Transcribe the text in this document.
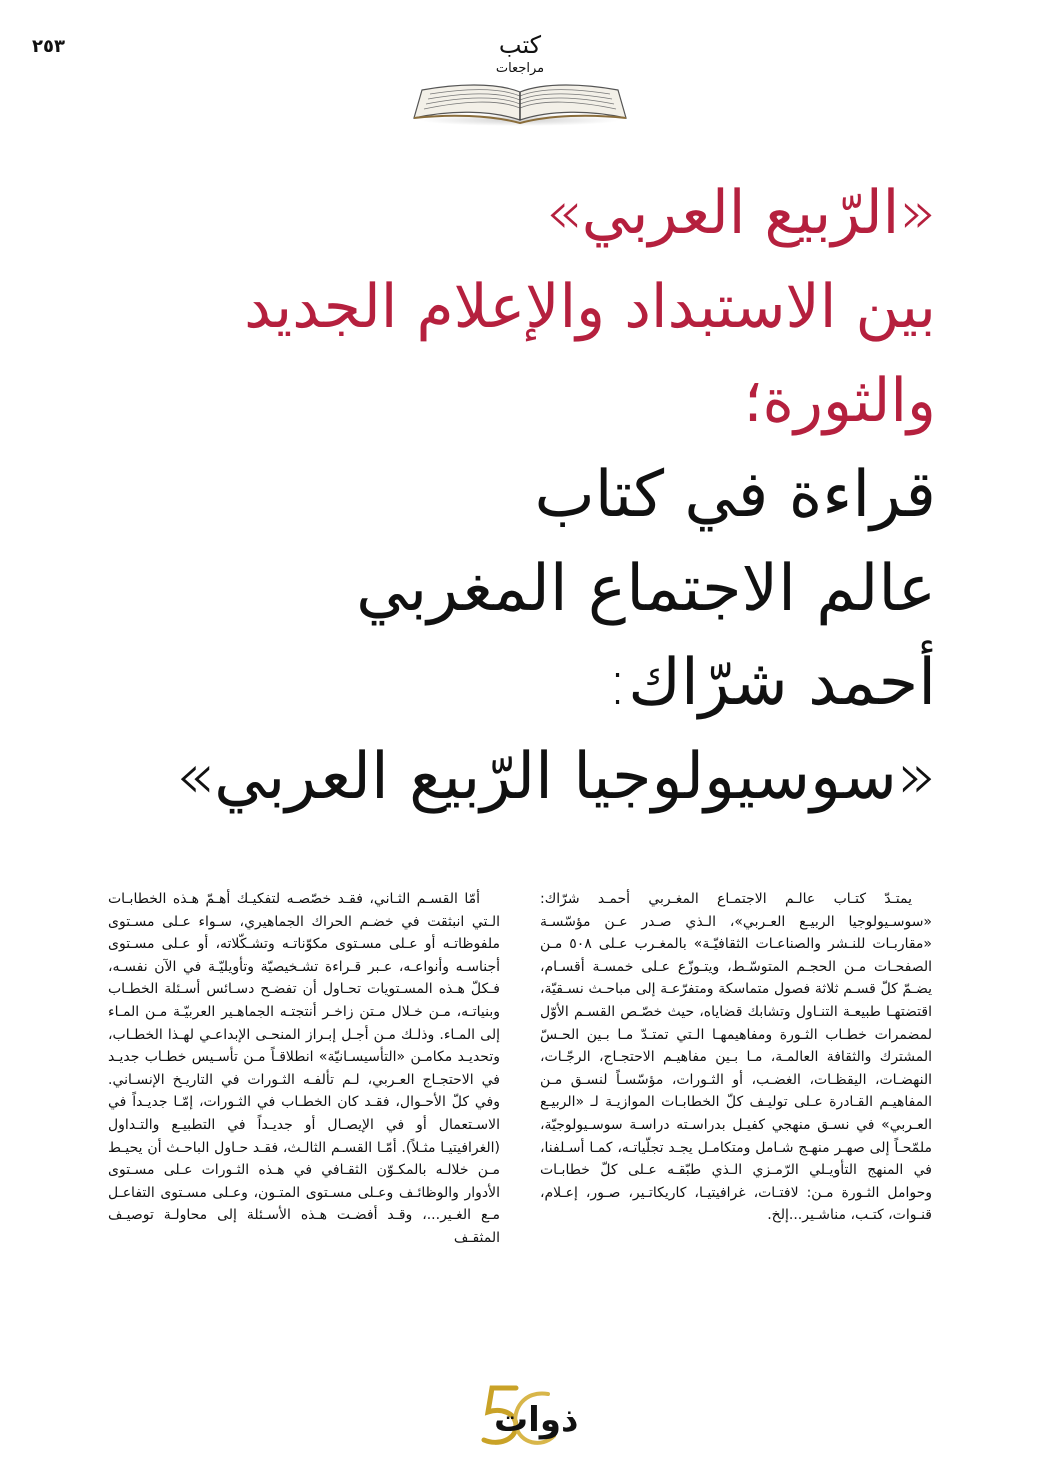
٢٥٣	كتب
مراجعات
«الرّبيع العربي»
بين الاستبداد والإعلام الجديد
والثورة؛
قراءة في كتاب
عالم الاجتماع المغربي
أحمد شرّاك:
«سوسيولوجيا الرّبيع العربي»

يمتـدّ كتـاب عالـم الاجتمـاع المغـربي أحمـد شرّاك: «سوسـيولوجيا الربيـع العـربي»، الـذي صـدر عـن مؤسّسـة «مقاربـات للنـشر والصناعـات الثقافيّـة» بالمغـرب عـلى ٥٠٨ مـن الصفحـات مـن الحجـم المتوسّـط، ويتـوزّع عـلى خمسـة أقسـام، يضـمّ كلّ قسـم ثلاثة فصول متماسكة ومتفرّعـة إلى مباحـث نسـقيّة، اقتضتهـا طبيعـة التنـاول وتشابك قضاياه، حيث خصّـص القسـم الأوّل لمضمرات خطـاب الثـورة ومفاهيمهـا الـتي تمتـدّ مـا بـين الحـسّ المشترك والثقافة العالمـة، مـا بـين مفاهيـم الاحتجـاج، الرجّـات، النهضـات، اليقظـات، الغضـب، أو الثـورات، مؤسّسـاً لنسـق مـن المفاهيـم القـادرة عـلى توليـف كلّ الخطابـات الموازيـة لـ «الربيـع العـربي» في نسـق منهجي كفيـل بدراسـته دراسـة سوسـيولوجيّة، ملمّحـاً إلى صهـر منهـج شـامل ومتكامـل يجـد تجلّياتـه، كمـا أسـلفنا، في المنهج التأويـلي الرّمـزي الـذي طبّقـه عـلى كلّ خطابـات وحوامل الثـورة مـن: لافتـات، غرافيتيـا، كاريكاتـير، صـور، إعـلام، قنـوات، كتـب، مناشـير...إلخ.

أمّا القسـم الثـاني، فقـد خصّصـه لتفكيـك أهـمّ هـذه الخطابـات الـتي انبثقت في خضـم الحراك الجماهيري، سـواء عـلى مسـتوى ملفوظاتـه أو عـلى مسـتوى مكوّناتـه وتشـكّلاته، أو عـلى مسـتوى أجناسـه وأنواعـه، عـبر قـراءة تشـخيصيّة وتأويليّـة في الآن نفسـه، فـكلّ هـذه المسـتويات تحـاول أن تفضـح دسـائس أسـئلة الخطـاب وبنياتـه، مـن خـلال مـتن زاخـر أنتجتـه الجماهـير العربيّـة مـن المـاء إلى المـاء. وذلـك مـن أجـل إبـراز المنحـى الإبداعـي لهـذا الخطـاب، وتحديـد مكامـن «التأسيسـانيّة» انطلاقـاً مـن تأسـيس خطـاب جديـد في الاحتجـاج العـربي، لـم تألفـه الثـورات في التاريـخ الإنسـاني. وفي كلّ الأحـوال، فقـد كان الخطـاب في الثـورات، إمّـا جديـداً في الاسـتعمال أو في الإيصـال أو جديـداً في التطبيـع والتـداول (الغرافيتيـا مثـلاً). أمّـا القسـم الثالـث، فقـد حـاول الباحـث أن يحيـط مـن خلالـه بالمكـوّن الثقـافي في هـذه الثـورات عـلى مسـتوى الأدوار والوظائـف وعـلى مسـتوى المتـون، وعـلى مسـتوى التفاعـل مـع الغـير...، وقـد أفضـت هـذه الأسـئلة إلى محاولـة توصيـف المثقـف

ذوات
